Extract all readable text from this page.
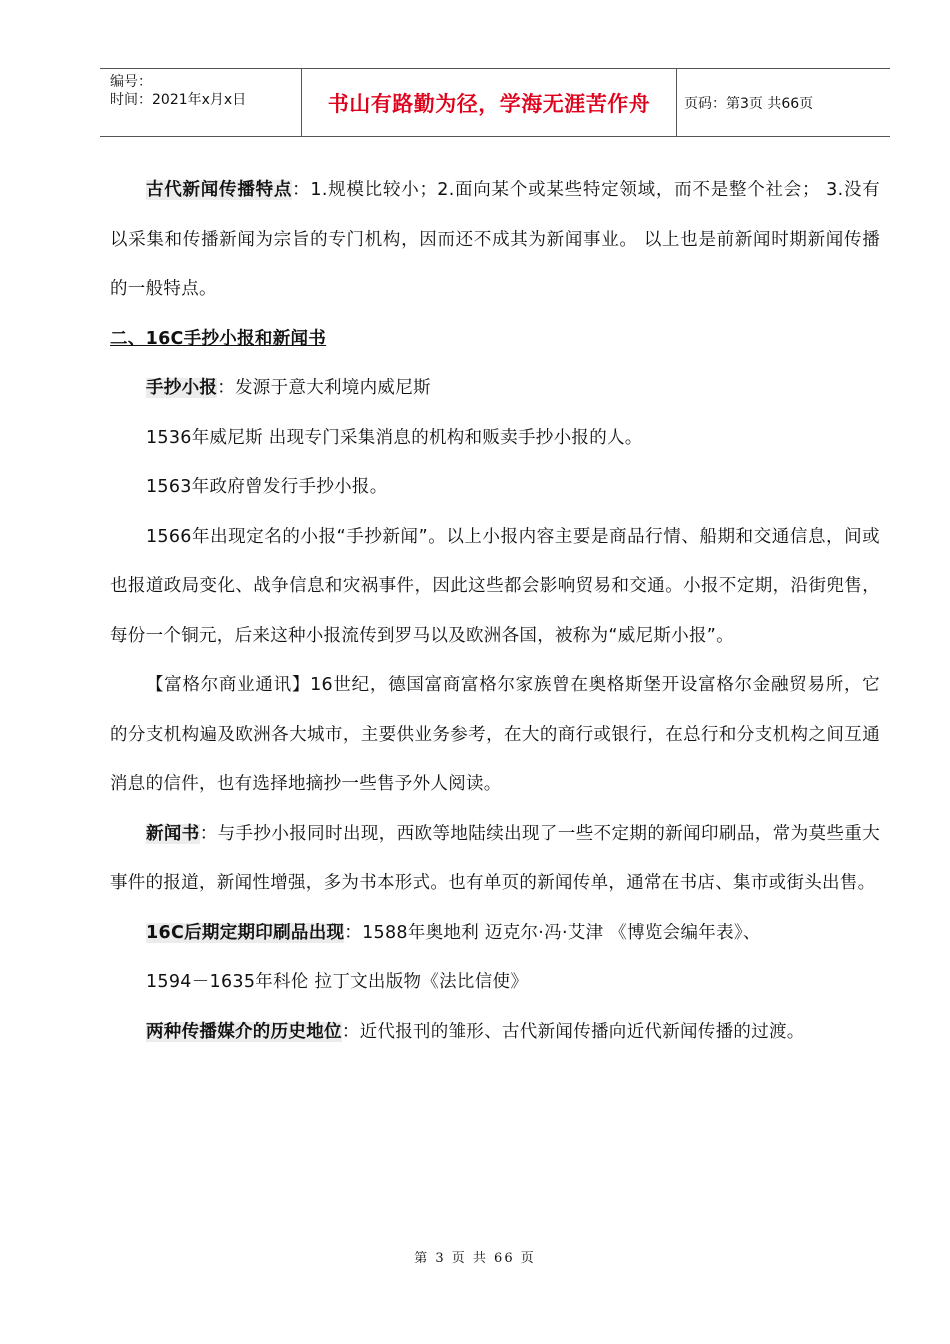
编号：
时间：2021年x月x日	书山有路勤为径，学海无涯苦作舟	页码：第3页 共66页

古代新闻传播特点：1.规模比较小；2.面向某个或某些特定领域，而不是整个社会； 3.没有以采集和传播新闻为宗旨的专门机构，因而还不成其为新闻事业。 以上也是前新闻时期新闻传播的一般特点。

二、16C手抄小报和新闻书

手抄小报：发源于意大利境内威尼斯

1536年威尼斯 出现专门采集消息的机构和贩卖手抄小报的人。

1563年政府曾发行手抄小报。

1566年出现定名的小报“手抄新闻”。以上小报内容主要是商品行情、船期和交通信息，间或也报道政局变化、战争信息和灾祸事件，因此这些都会影响贸易和交通。小报不定期，沿街兜售，每份一个铜元，后来这种小报流传到罗马以及欧洲各国，被称为“威尼斯小报”。

【富格尔商业通讯】16世纪，德国富商富格尔家族曾在奥格斯堡开设富格尔金融贸易所，它的分支机构遍及欧洲各大城市，主要供业务参考，在大的商行或银行，在总行和分支机构之间互通消息的信件，也有选择地摘抄一些售予外人阅读。

新闻书：与手抄小报同时出现，西欧等地陆续出现了一些不定期的新闻印刷品，常为莫些重大事件的报道，新闻性增强，多为书本形式。也有单页的新闻传单，通常在书店、集市或街头出售。

16C后期定期印刷品出现：1588年奥地利 迈克尔·冯·艾津 《博览会编年表》、

1594－1635年科伦 拉丁文出版物《法比信使》

两种传播媒介的历史地位：近代报刊的雏形、古代新闻传播向近代新闻传播的过渡。

第 3 页 共 66 页
